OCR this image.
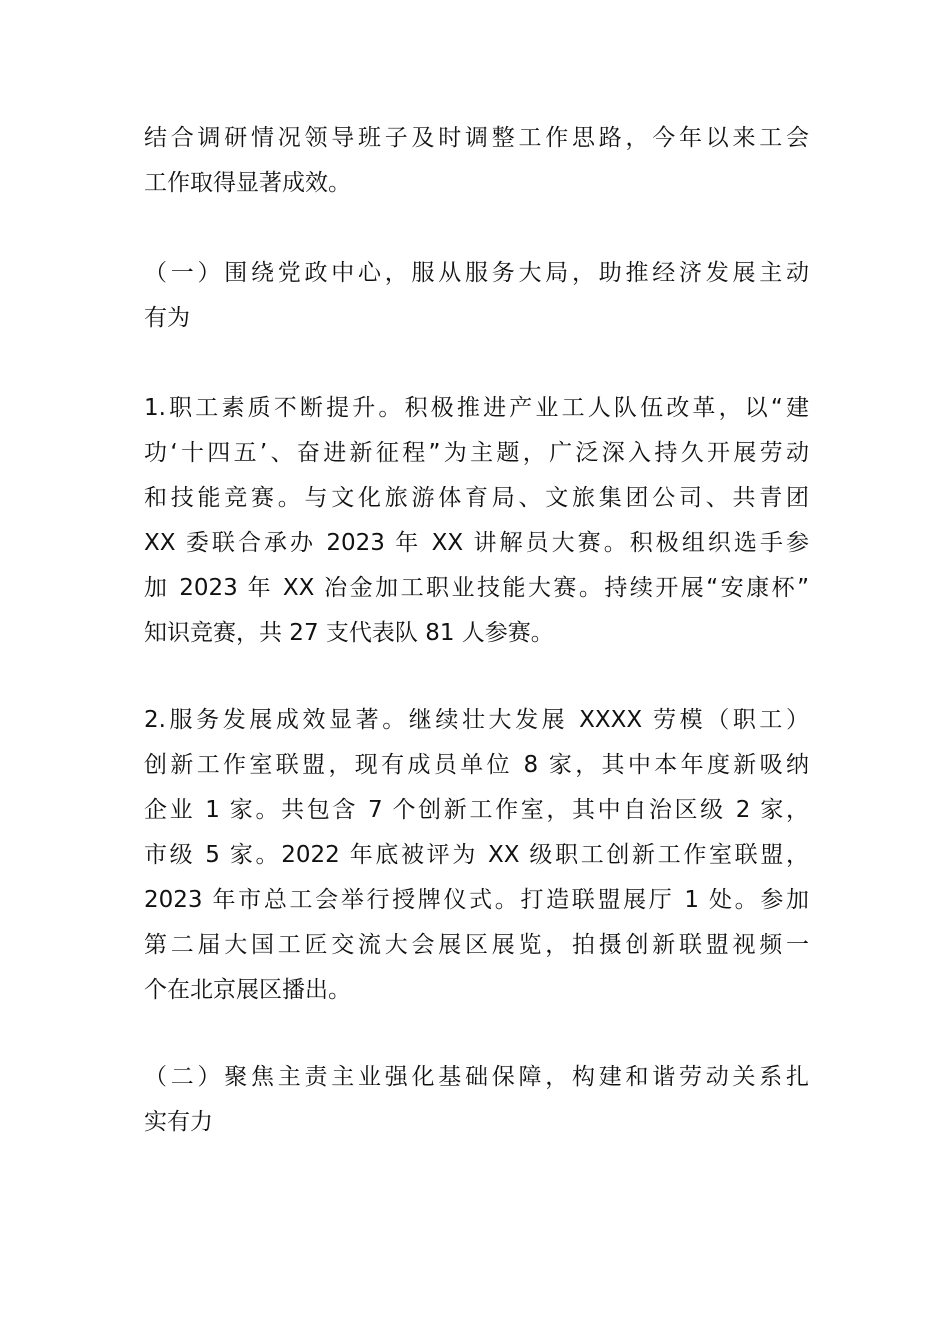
结合调研情况领导班子及时调整工作思路，今年以来工会
工作取得显著成效。
（一）围绕党政中心，服从服务大局，助推经济发展主动
有为
1.职工素质不断提升。积极推进产业工人队伍改革，以“建
功‘十四五’、奋进新征程”为主题，广泛深入持久开展劳动
和技能竞赛。与文化旅游体育局、文旅集团公司、共青团
XX 委联合承办 2023 年 XX 讲解员大赛。积极组织选手参
加 2023 年 XX 冶金加工职业技能大赛。持续开展“安康杯”
知识竞赛，共 27 支代表队 81 人参赛。
2.服务发展成效显著。继续壮大发展 XXXX 劳模（职工）
创新工作室联盟，现有成员单位 8 家，其中本年度新吸纳
企业 1 家。共包含 7 个创新工作室，其中自治区级 2 家，
市级 5 家。2022 年底被评为 XX 级职工创新工作室联盟，
2023 年市总工会举行授牌仪式。打造联盟展厅 1 处。参加
第二届大国工匠交流大会展区展览，拍摄创新联盟视频一
个在北京展区播出。
（二）聚焦主责主业强化基础保障，构建和谐劳动关系扎
实有力
